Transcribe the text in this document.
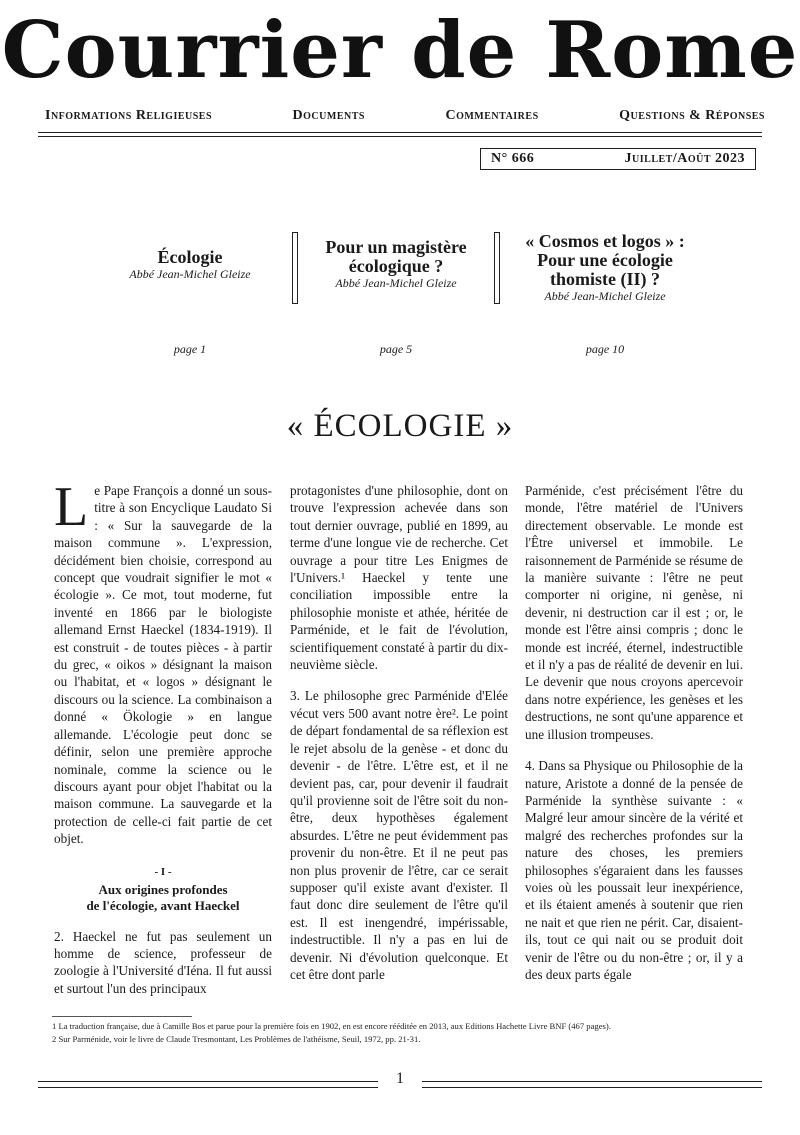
Courrier de Rome
Informations Religieuses	Documents	Commentaires	Questions & Réponses
N° 666	Juillet/Août 2023
Écologie
Abbé Jean-Michel Gleize
page 1
Pour un magistère
écologique ?
Abbé Jean-Michel Gleize
page 5
« Cosmos et logos » :
Pour une écologie
thomiste (II) ?
Abbé Jean-Michel Gleize
page 10
« ÉCOLOGIE »

Le Pape François a donné un sous-titre à son Encyclique Laudato Si : « Sur la sauvegarde de la maison commune ». L'expression, décidément bien choisie, correspond au concept que voudrait signifier le mot « écologie ». Ce mot, tout moderne, fut inventé en 1866 par le biologiste allemand Ernst Haeckel (1834-1919). Il est construit - de toutes pièces - à partir du grec, « oikos » désignant la maison ou l'habitat, et « logos » désignant le discours ou la science. La combinaison a donné « Ökologie » en langue allemande. L'écologie peut donc se définir, selon une première approche nominale, comme la science ou le discours ayant pour objet l'habitat ou la maison commune. La sauvegarde et la protection de celle-ci fait partie de cet objet.

- I -
Aux origines profondes
de l'écologie, avant Haeckel

2. Haeckel ne fut pas seulement un homme de science, professeur de zoologie à l'Université d'Iéna. Il fut aussi et surtout l'un des principaux

protagonistes d'une philosophie, dont on trouve l'expression achevée dans son tout dernier ouvrage, publié en 1899, au terme d'une longue vie de recherche. Cet ouvrage a pour titre Les Enigmes de l'Univers.¹ Haeckel y tente une conciliation impossible entre la philosophie moniste et athée, héritée de Parménide, et le fait de l'évolution, scientifiquement constaté à partir du dix-neuvième siècle.

3. Le philosophe grec Parménide d'Elée vécut vers 500 avant notre ère². Le point de départ fondamental de sa réflexion est le rejet absolu de la genèse - et donc du devenir - de l'être. L'être est, et il ne devient pas, car, pour devenir il faudrait qu'il provienne soit de l'être soit du non-être, deux hypothèses également absurdes. L'être ne peut évidemment pas provenir du non-être. Et il ne peut pas non plus provenir de l'être, car ce serait supposer qu'il existe avant d'exister. Il faut donc dire seulement de l'être qu'il est. Il est inengendré, impérissable, indestructible. Il n'y a pas en lui de devenir. Ni d'évolution quelconque. Et cet être dont parle

Parménide, c'est précisément l'être du monde, l'être matériel de l'Univers directement observable. Le monde est l'Être universel et immobile. Le raisonnement de Parménide se résume de la manière suivante : l'être ne peut comporter ni origine, ni genèse, ni devenir, ni destruction car il est ; or, le monde est l'être ainsi compris ; donc le monde est incréé, éternel, indestructible et il n'y a pas de réalité de devenir en lui. Le devenir que nous croyons apercevoir dans notre expérience, les genèses et les destructions, ne sont qu'une apparence et une illusion trompeuses.

4. Dans sa Physique ou Philosophie de la nature, Aristote a donné de la pensée de Parménide la synthèse suivante : « Malgré leur amour sincère de la vérité et malgré des recherches profondes sur la nature des choses, les premiers philosophes s'égaraient dans les fausses voies où les poussait leur inexpérience, et ils étaient amenés à soutenir que rien ne nait et que rien ne périt. Car, disaient-ils, tout ce qui nait ou se produit doit venir de l'être ou du non-être ; or, il y a des deux parts égale

1 La traduction française, due à Camille Bos et parue pour la première fois en 1902, en est encore rééditée en 2013, aux Editions Hachette Livre BNF (467 pages).
2 Sur Parménide, voir le livre de Claude Tresmontant, Les Problèmes de l'athéisme, Seuil, 1972, pp. 21-31.
1
